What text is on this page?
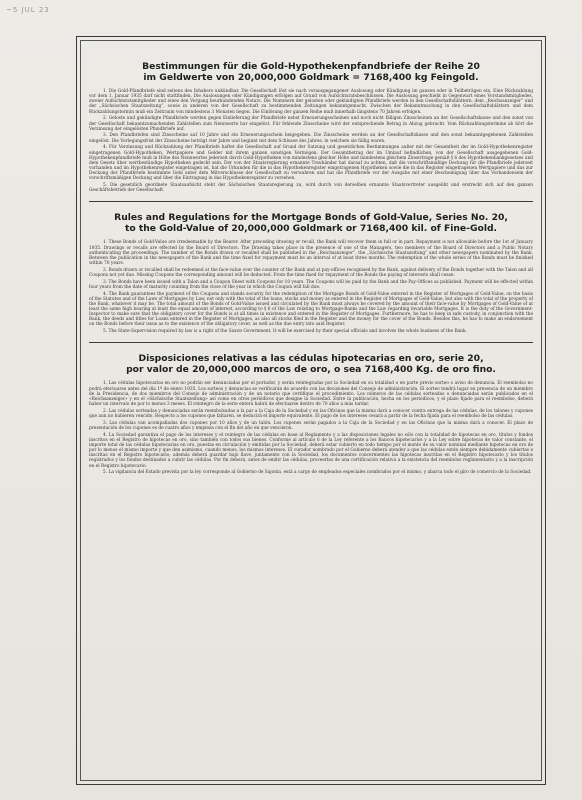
~5 JUL 23
Bestimmungen für die Gold-Hypothekenpfandbriefe der Reihe 20
im Geldwerte von 20,000,000 Goldmark = 7168,400 kg Feingold.

1. Die Gold-Pfandbriefe sind seitens des Inhabers unkündbar. Die Gesellschaft löst sie nach vorausgegangener Auslosung oder Kündigung im ganzen oder in Teilbeträgen ein. Eine Rückzahlung vor dem 1. Januar 1935 darf nicht stattfinden. Die Auslosungen oder Kündigungen erfolgen auf Grund von Aufsichtsratsbeschlüssen. Die Auslosung geschieht in Gegenwart eines Vorstandsmitgliedes, zweier Aufsichtsratsmitglieder und eines den Vorgang beurkundenden Notars. Die Nummern der gelosten oder gekündigten Pfandbriefe werden in den Gesellschaftsblättern, dem „Reichsanzeiger“ und der „Sächsischen Staatszeitung“, sowie in anderen von der Gesellschaft zu bestimmenden Zeitungen bekanntgemacht. Zwischen der Bekanntmachung in den Gesellschaftsblättern und dem Rückzahlungstermin muß ein Zeitraum von mindestens 3 Monaten liegen. Die Einlösung der ganzen Reihe muß innerhalb längstens 70 Jahren erfolgen.

2. Geloste und gekündigte Pfandbriefe werden gegen Einlieferung der Pfandbriefe nebst Erneuerungsscheinen und noch nicht fälligen Zinsscheinen an der Gesellschaftskasse und den sonst von der Gesellschaft bekanntzumachenden Zahlstellen zum Nennwerte bar eingelöst. Für fehlende Zinsscheine wird der entsprechende Betrag in Abzug gebracht. Vom Rückzahlungstermine ab hört die Verzinsung der eingelösten Pfandbriefe auf.

3. Den Pfandbriefen sind Zinsscheine auf 10 Jahre und ein Erneuerungsschein beigegeben. Die Zinsscheine werden an der Gesellschaftskasse und den sonst bekanntgegebenen Zahlstellen eingelöst. Die Vorlegungsfrist der Zinsscheine beträgt vier Jahre und beginnt mit dem Schlusse des Jahres, in welchem sie fällig waren.

4. Für Verzinsung und Rückzahlung der Pfandbriefe haftet die Gesellschaft auf Grund der Satzung und gesetzlichen Bestimmungen außer mit der Gesamtheit der im Gold-Hypothekenregister eingetragenen Gold-Hypotheken, Wertpapiere und Gelder mit ihrem ganzen sonstigen Vermögen. Der Gesamtbetrag der im Umlauf befindlichen, von der Gesellschaft ausgegebenen Gold-Hypothekenpfandbriefe muß in Höhe des Nennwertes jederzeit durch Gold-Hypotheken von mindestens gleicher Höhe und mindestens gleichem Zinsertrage gemäß § 6 des Hypothekenbankgesetzes und dem Gesetz über wertbeständige Hypotheken gedeckt sein. Der von der Staatsregierung ernannte Treuhänder hat darauf zu achten, daß die vorschriftsmäßige Deckung für die Pfandbriefe jederzeit vorhanden und im Hypothekenregister eingetragen ist, hat die Urkunden für die in das Hypothekenregister eingetragenen Hypotheken sowie die in das Register eingetragenen Wertpapiere und das zur Deckung der Pfandbriefe bestimmte Geld unter dem Mitverschlusse der Gesellschaft zu verwahren und hat die Pfandbriefe vor der Ausgabe mit einer Bescheinigung über das Vorhandensein der vorschriftsmäßigen Deckung und über die Eintragung in das Hypothekenregister zu versehen.

5. Die gesetzlich geordnete Staatsaufsicht steht der Sächsischen Staatsregierung zu, wird durch von derselben ernannte Staatsvertreter ausgeübt und erstreckt sich auf den ganzen Geschäftsbetrieb der Gesellschaft.

Rules and Regulations for the Mortgage Bonds of Gold-Value, Series No. 20,
to the Gold-Value of 20,000,000 Goldmark or 7168,400 kil. of Fine-Gold.

1. These Bonds of Gold-Value are irredeemable by the Bearer. After preceding drawing or recall, the Bank will recover them in full or in part. Repayment is not allowable before the 1st of January 1935. Drawings or recalls are effected by the Board of Directors. The Drawing takes place in the presence of one of the Managers, two members of the Board of Directors and a Public Notary authenticating the proceedings. The number of the Bonds drawn or recalled shall be published in the „Reichsanzeiger“, the „Sächsische Staatszeitung“ and other newspapers nominated by the Bank. Between the publication in the newspapers of the Bank and the time fixed for repayment must be an interval of at least three months. The redemption of the whole series of the Bonds must be finished within 70 years.

2. Bonds drawn or recalled shall be redeemed at the face-value over the counter of the Bank and at pay-offices recognised by the Bank, against delivery of the Bonds together with the Talon and all Coupons not yet due. Missing Coupons the corresponding amount will be deducted. From the time fixed for repayment of the Bonds the paying of interests shall cease.

3. The Bonds have been issued with a Talon and a Coupon Sheet with Coupons for 10 years. The Coupons will be paid by the Bank and the Pay-Offices as published. Payment will be effected within four years from the date of maturity counting from the close of the year in which the Coupon will fall due.

4. The Bank guarantees the payment of the Coupons and stands security for the redemption of the Mortgage Bonds of Gold-Value entered in the Register of Mortgages of Gold-Value, on the basis of the Statutes and of the Laws of Mortgages by Law, not only with the total of the loans, stocks and money as entered in the Register of Mortgages of Gold-Value, but also with the total of the property of the Bank, whatever it may be. The total amount of the Bonds of Gold-Value issued and circulated by the Bank must always be covered by the amount of their face-value by Mortgages of Gold-Value of at least the same high bearing at least the equal amount of interest, according to § 6 of the Law relating to Mortgage-Banks and the Law regarding invariable Mortgages. It is the duty of the Government-Inspector to make sure that the obligatory cover for the Bonds is at all times in existence and entered in the Register of Mortgages. Furthermore, he has to keep in safe custody, in conjunction with the Bank, the deeds and titles for Loans entered in the Register of Mortgages, as also all stocks filed in the Register and the money for the cover of the Bonds. Besides this, he has to make an endorsement on the Bonds before their issue as to the existence of the obligatory cover, as well as the due entry into said Register.

5. The State-Supervision required by law is a right of the Saxon Government. It will be exercised by their special officials and involves the whole business of the Bank.

Disposiciones relativas a las cédulas hipotecarias en oro, serie 20,
por valor de 20,000,000 marcos de oro, o sea 7168,400 Kg. de oro fino.

1. Las cédulas hipotecarias en oro no podrán ser denunciadas por el portador, y serán reintegradas por la Sociedad en su totalidad o en parte previo sorteo o aviso de denuncia. El reembolso no podrá efectuarse antes del día 1º de enero 1935. Los sorteos y denuncias se verificarán de acuerdo con las decisiones del Consejo de administración. El sorteo tendrá lugar en presencia de un miembro de la Presidencia, de dos miembros del Consejo de administración y de un notario que certifique el procedimiento. Los números de las cédulas sorteadas o denunciadas serán publicados en el «Reichsanzeiger» y en el «Sächsische Staatszeitung» así como en otros periódicos que designe la Sociedad. Entre la publicación, hecha en los periódicos, y el plazo fijado para el reembolso, deberá haber un intervalo de por lo menos 3 meses. El reintegro de la serie entera habrá de efectuarse dentro de 70 años a más tardar.

2. Las cédulas sorteadas y denunciadas serán reembolsadas a la par a la Caja de la Sociedad y en las Oficinas que la misma dará a conocer contra entrega de las cédulas, de los talones y cupones que aun no hubieren vencido. Respecto a los cupones que faltaren, se deducirá el importe equivalente. El pago de los intereses cesará a partir de la fecha fijada para el reembolso de las cédulas.

3. Las cédulas van acompañadas dos cupones por 10 años y de un talón. Los cupones serán pagados a la Caja de la Sociedad y en las Oficinas que la misma dará a conocer. El plazo de presentación de los cupones es de cuatro años y empieza con el fin del año en que vencieron.

4. La Sociedad garantiza el pago de los intereses y el reintegro de las cédulas en base al Reglamento y a las disposiciones legales no sólo con la totalidad de hipotecas en oro, títulos y fondos inscritos en el Registro de hipotecas en oro, sino también con todos sus bienes. Conforme al artículo 6 de la Ley referente a los Bancos hipotecarios y a la Ley sobre hipotecas de valor constante, el importe total de las cédulas hipotecarias en oro, puestas en circulación y emitidas por la Sociedad, deberá estar cubierto en todo tiempo por el monto de su valor nominal mediante hipotecas en oro de por lo menos el mismo importe y que den asimismo, cuando menos, los mismos intereses. El curador nombrado por el Gobierno deberá atender a que las cédulas estén siempre debidamente cubiertas e inscritas en el Registro hipotecario; además deberá guardar bajo llave, juntamente con la Sociedad, los documentos concernientes las hipotecas inscritas en el Registro hipotecario y los títulos registrados y los fondos destinados a cubrir las cédulas. Por fin deberá, antes de emitir las cédulas, proveerlas de una certificación relativa a la existencia del reembolso reglamentario y a la inscripción en el Registro hipotecario.

5. La vigilancia del Estado prevista por la ley corresponde al Gobierno de Sajonia, está a cargo de empleados especiales nombrados por el mismo, y abarca todo el giro de comercio de la Sociedad.
